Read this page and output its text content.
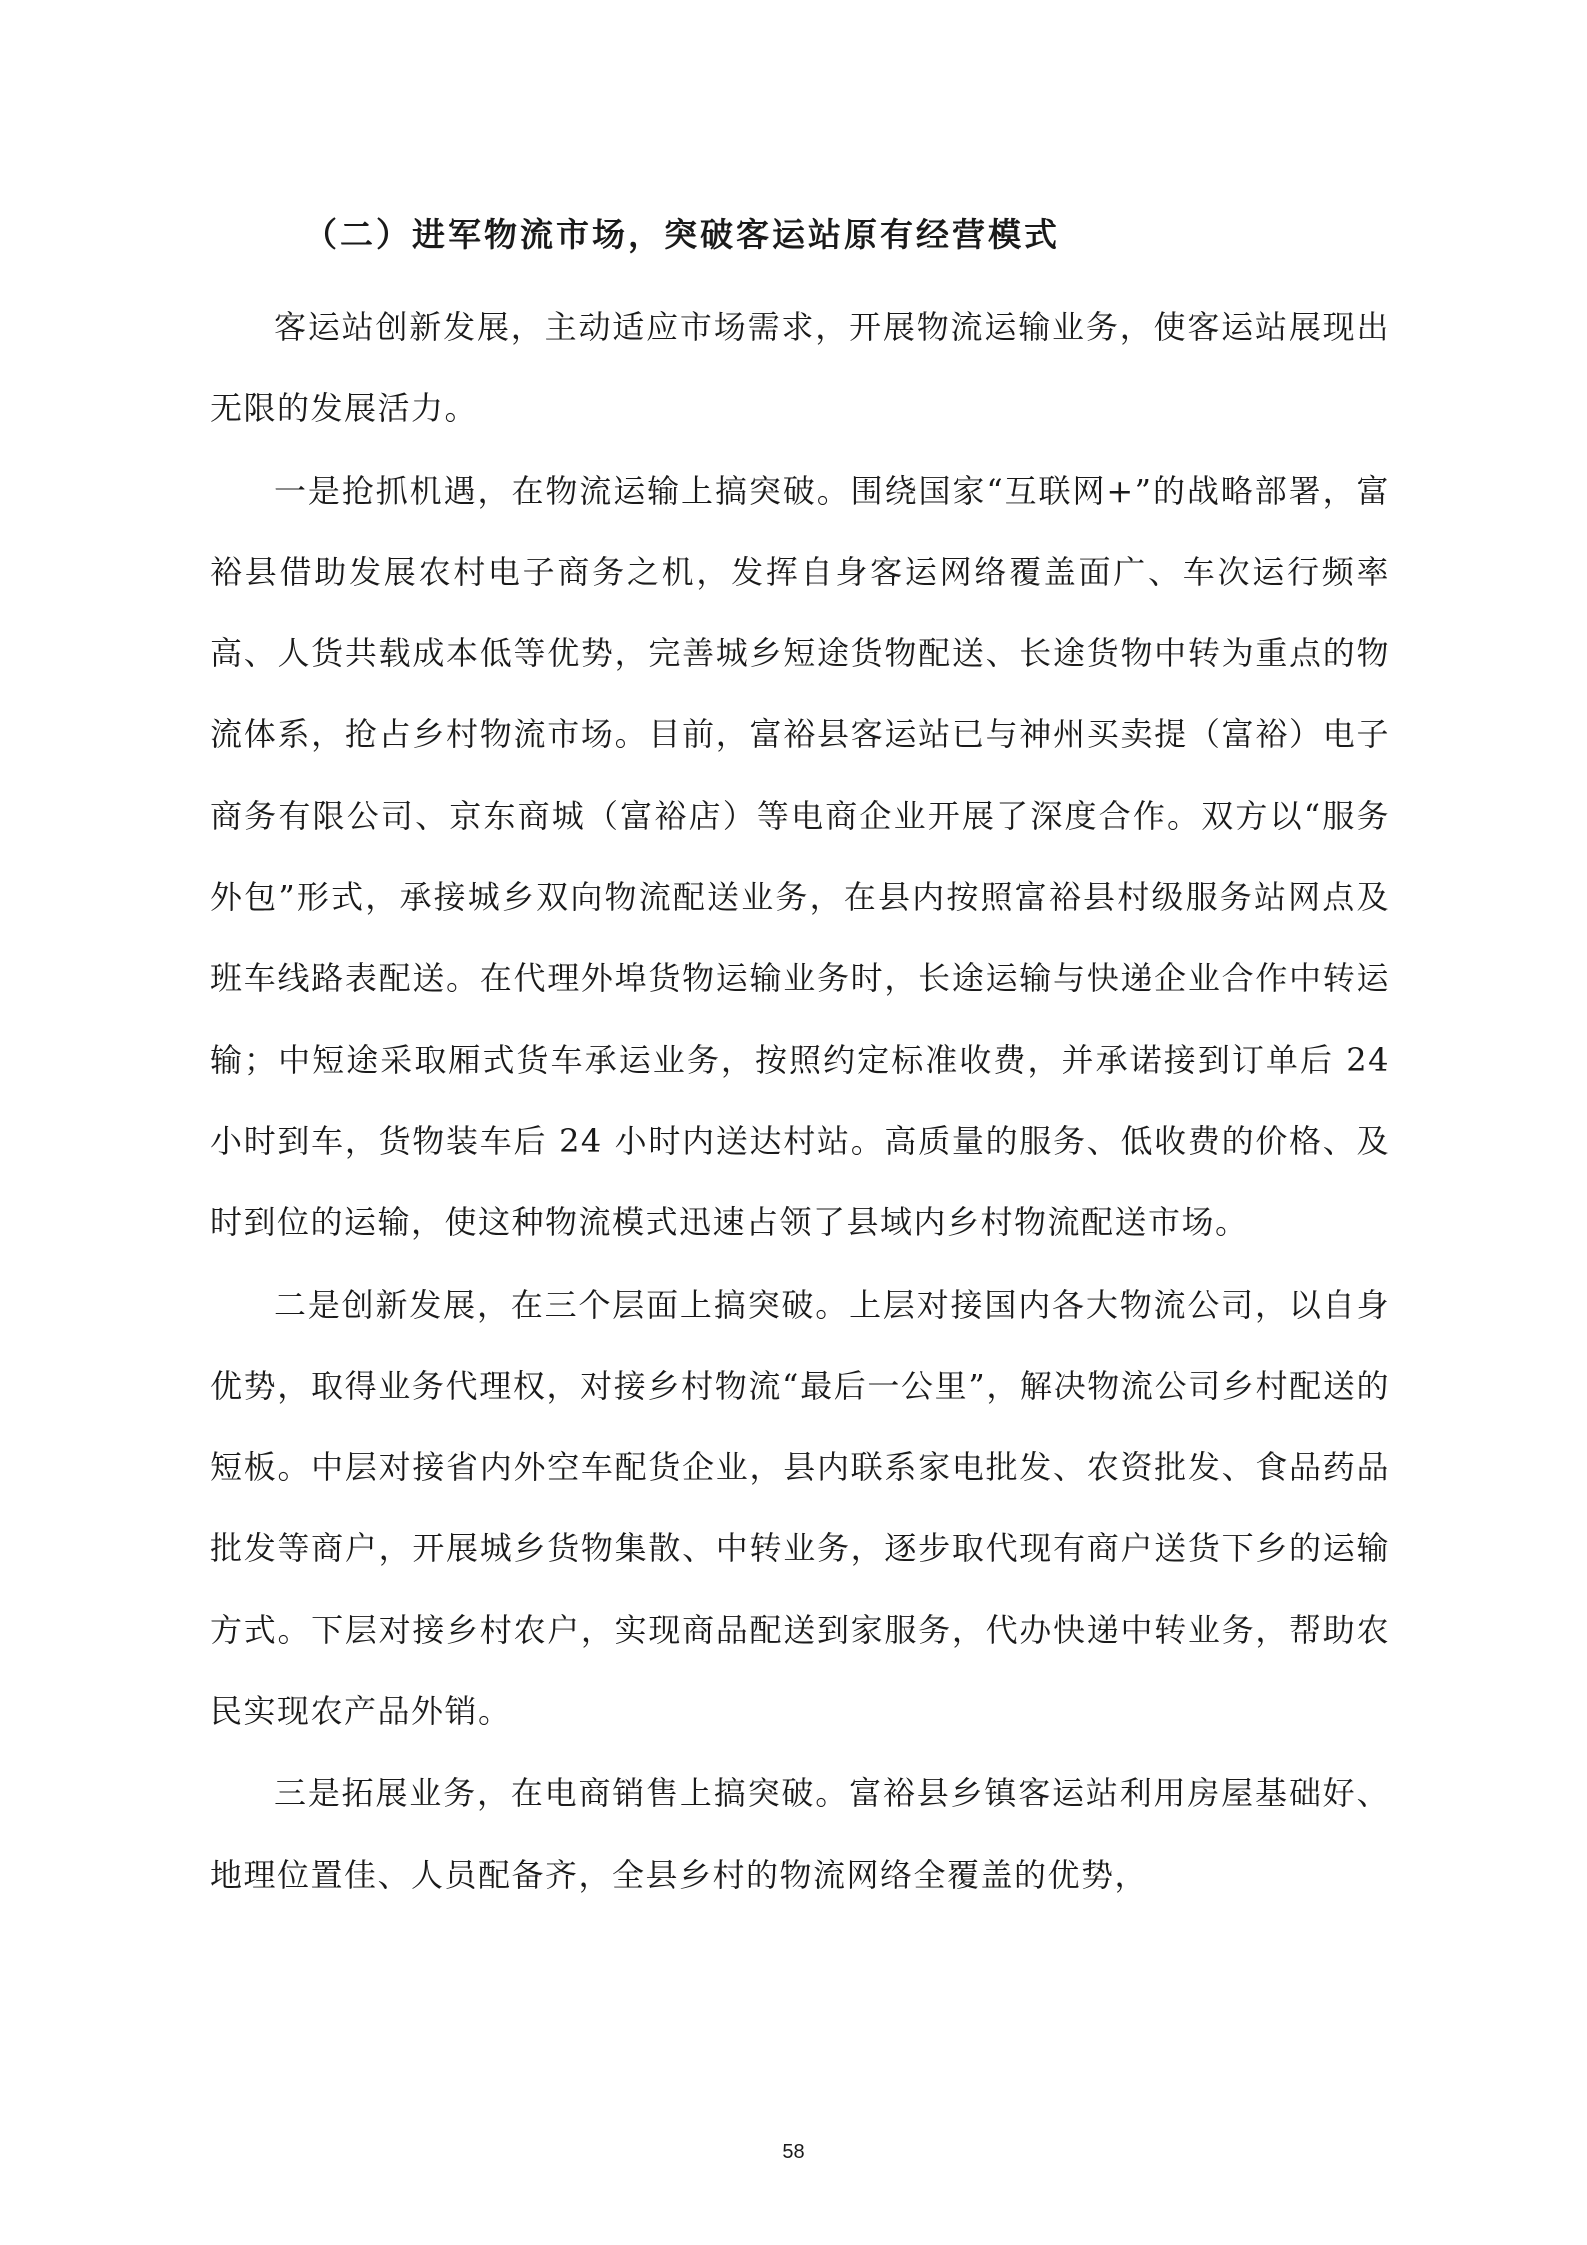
（二）进军物流市场，突破客运站原有经营模式

客运站创新发展，主动适应市场需求，开展物流运输业务，使客运站展现出无限的发展活力。

一是抢抓机遇，在物流运输上搞突破。围绕国家“互联网+”的战略部署，富裕县借助发展农村电子商务之机，发挥自身客运网络覆盖面广、车次运行频率高、人货共载成本低等优势，完善城乡短途货物配送、长途货物中转为重点的物流体系，抢占乡村物流市场。目前，富裕县客运站已与神州买卖提（富裕）电子商务有限公司、京东商城（富裕店）等电商企业开展了深度合作。双方以“服务外包”形式，承接城乡双向物流配送业务，在县内按照富裕县村级服务站网点及班车线路表配送。在代理外埠货物运输业务时，长途运输与快递企业合作中转运输；中短途采取厢式货车承运业务，按照约定标准收费，并承诺接到订单后 24 小时到车，货物装车后 24 小时内送达村站。高质量的服务、低收费的价格、及时到位的运输，使这种物流模式迅速占领了县域内乡村物流配送市场。

二是创新发展，在三个层面上搞突破。上层对接国内各大物流公司，以自身优势，取得业务代理权，对接乡村物流“最后一公里”，解决物流公司乡村配送的短板。中层对接省内外空车配货企业，县内联系家电批发、农资批发、食品药品批发等商户，开展城乡货物集散、中转业务，逐步取代现有商户送货下乡的运输方式。下层对接乡村农户，实现商品配送到家服务，代办快递中转业务，帮助农民实现农产品外销。

三是拓展业务，在电商销售上搞突破。富裕县乡镇客运站利用房屋基础好、地理位置佳、人员配备齐，全县乡村的物流网络全覆盖的优势，

58
